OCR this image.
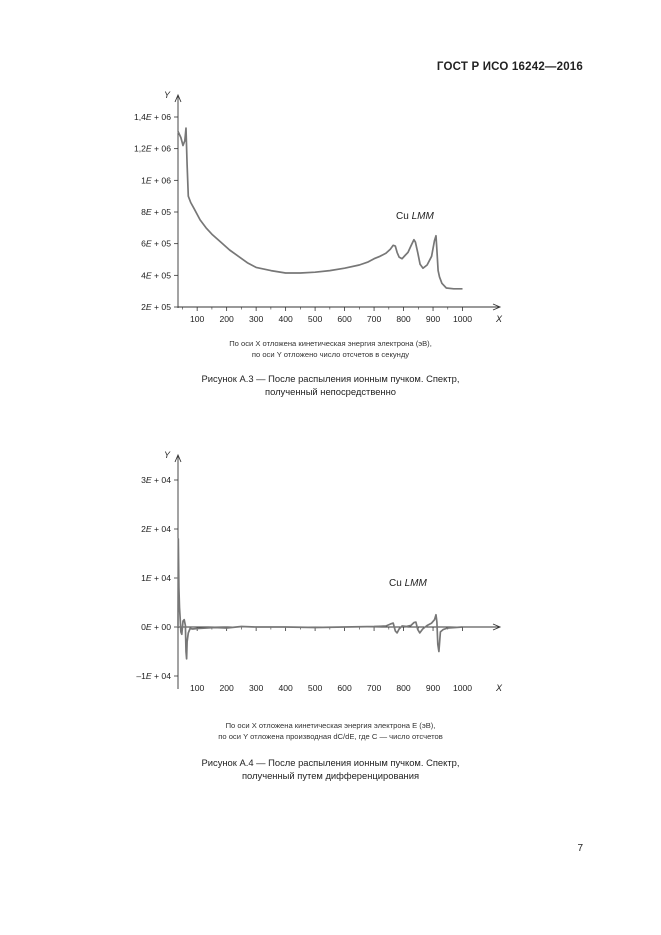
ГОСТ Р ИСО 16242—2016
Y
X
2E + 05
4E + 05
6E + 05
8E + 05
1E + 06
1,2E + 06
1,4E + 06
100 200 300 400 500 600 700 800 900 1000
Cu LMM
По оси X отложена кинетическая энергия электрона (эВ),
по оси Y отложено число отсчетов в секунду
Рисунок А.3 — После распыления ионным пучком. Спектр,
полученный непосредственно
Y
X
–1E + 04
0E + 00
1E + 04
2E + 04
3E + 04
100 200 300 400 500 600 700 800 900 1000
Cu LMM
По оси X отложена кинетическая энергия электрона E (эВ),
по оси Y отложена производная dC/dE, где C — число отсчетов
Рисунок А.4 — После распыления ионным пучком. Спектр,
полученный путем дифференцирования
7
